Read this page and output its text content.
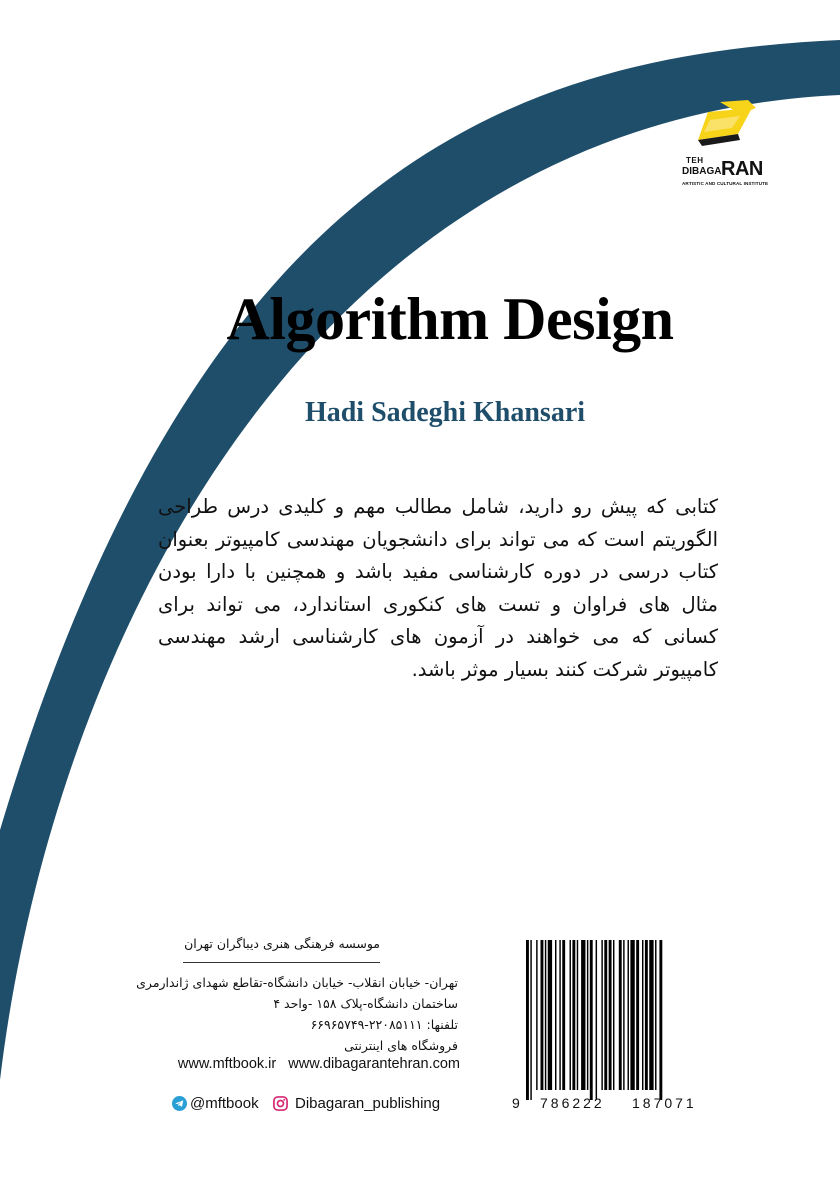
TEH
DIBAGA RAN
ARTISTIC AND CULTURAL INSTITUTE
Algorithm Design
Hadi Sadeghi Khansari
کتابی که پیش رو دارید، شامل مطالب مهم و کلیدی درس طراحی الگوریتم است که می تواند برای دانشجویان مهندسی کامپیوتر بعنوان کتاب درسی در دوره کارشناسی مفید باشد و همچنین با دارا بودن مثال های فراوان و تست های کنکوری استاندارد، می تواند برای کسانی که می خواهند در آزمون های کارشناسی ارشد مهندسی کامپیوتر شرکت کنند بسیار موثر باشد.
موسسه فرهنگی هنری دیباگران تهران
تهران- خیابان انقلاب- خیابان دانشگاه-تقاطع شهدای ژاندارمری
ساختمان دانشگاه-پلاک ۱۵۸ -واحد ۴
تلفنها: ۲۲۰۸۵۱۱۱-۶۶۹۶۵۷۴۹
فروشگاه های اینترنتی
www.mftbook.ir   www.dibagarantehran.com
@mftbook Dibagaran_publishing	9 786222 187071
